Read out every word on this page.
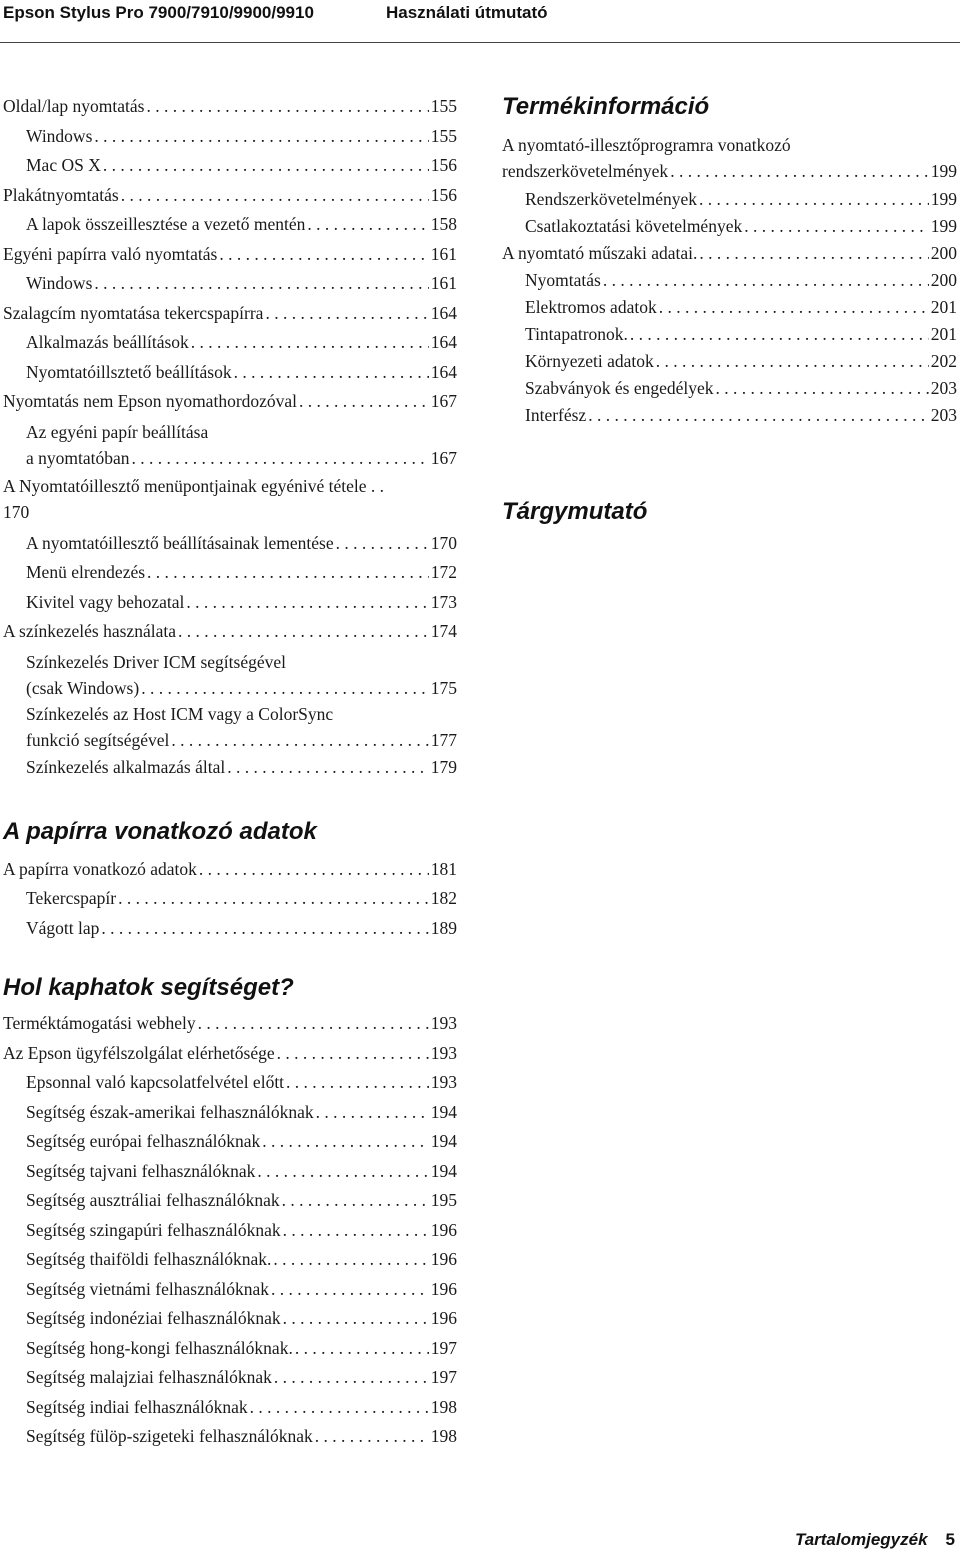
Epson Stylus Pro 7900/7910/9900/9910	Használati útmutató
Oldal/lap nyomtatás . . .	155
Windows . . .	155
Mac OS X . . .	156
Plakátnyomtatás . . .	156
A lapok összeillesztése a vezető mentén . . .	158
Egyéni papírra való nyomtatás . . .	161
Windows . . .	161
Szalagcím nyomtatása tekercspapírra . . .	164
Alkalmazás beállítások . . .	164
Nyomtatóillsztető beállítások . . .	164
Nyomtatás nem Epson nyomathordozóval . . .	167
Az egyéni papír beállítása
a nyomtatóban . . .	167
A Nyomtatóillesztő menüpontjainak egyénivé tétele . .
170
A nyomtatóillesztő beállításainak lementése . . .	170
Menü elrendezés . . .	172
Kivitel vagy behozatal . . .	173
A színkezelés használata . . .	174
Színkezelés Driver ICM segítségével
(csak Windows) . . .	175
Színkezelés az Host ICM vagy a ColorSync
funkció segítségével . . .	177
Színkezelés alkalmazás által . . .	179
A papírra vonatkozó adatok
A papírra vonatkozó adatok . . .	181
Tekercspapír . . .	182
Vágott lap . . .	189
Hol kaphatok segítséget?
Terméktámogatási webhely . . .	193
Az Epson ügyfélszolgálat elérhetősége . . .	193
Epsonnal való kapcsolatfelvétel előtt . . .	193
Segítség észak-amerikai felhasználóknak . . .	194
Segítség európai felhasználóknak . . .	194
Segítség tajvani felhasználóknak . . .	194
Segítség ausztráliai felhasználóknak . . .	195
Segítség szingapúri felhasználóknak . . .	196
Segítség thaiföldi felhasználóknak. . . .	196
Segítség vietnámi felhasználóknak . . .	196
Segítség indonéziai felhasználóknak . . .	196
Segítség hong-kongi felhasználóknak. . . .	197
Segítség malajziai felhasználóknak . . .	197
Segítség indiai felhasználóknak . . .	198
Segítség fülöp-szigeteki felhasználóknak . . .	198
Termékinformáció
A nyomtató-illesztőprogramra vonatkozó
rendszerkövetelmények . . .	199
Rendszerkövetelmények . . .	199
Csatlakoztatási követelmények . . .	199
A nyomtató műszaki adatai. . . .	200
Nyomtatás . . .	200
Elektromos adatok . . .	201
Tintapatronok. . . .	201
Környezeti adatok . . .	202
Szabványok és engedélyek . . .	203
Interfész . . .	203
Tárgymutató
Tartalomjegyzék 5
